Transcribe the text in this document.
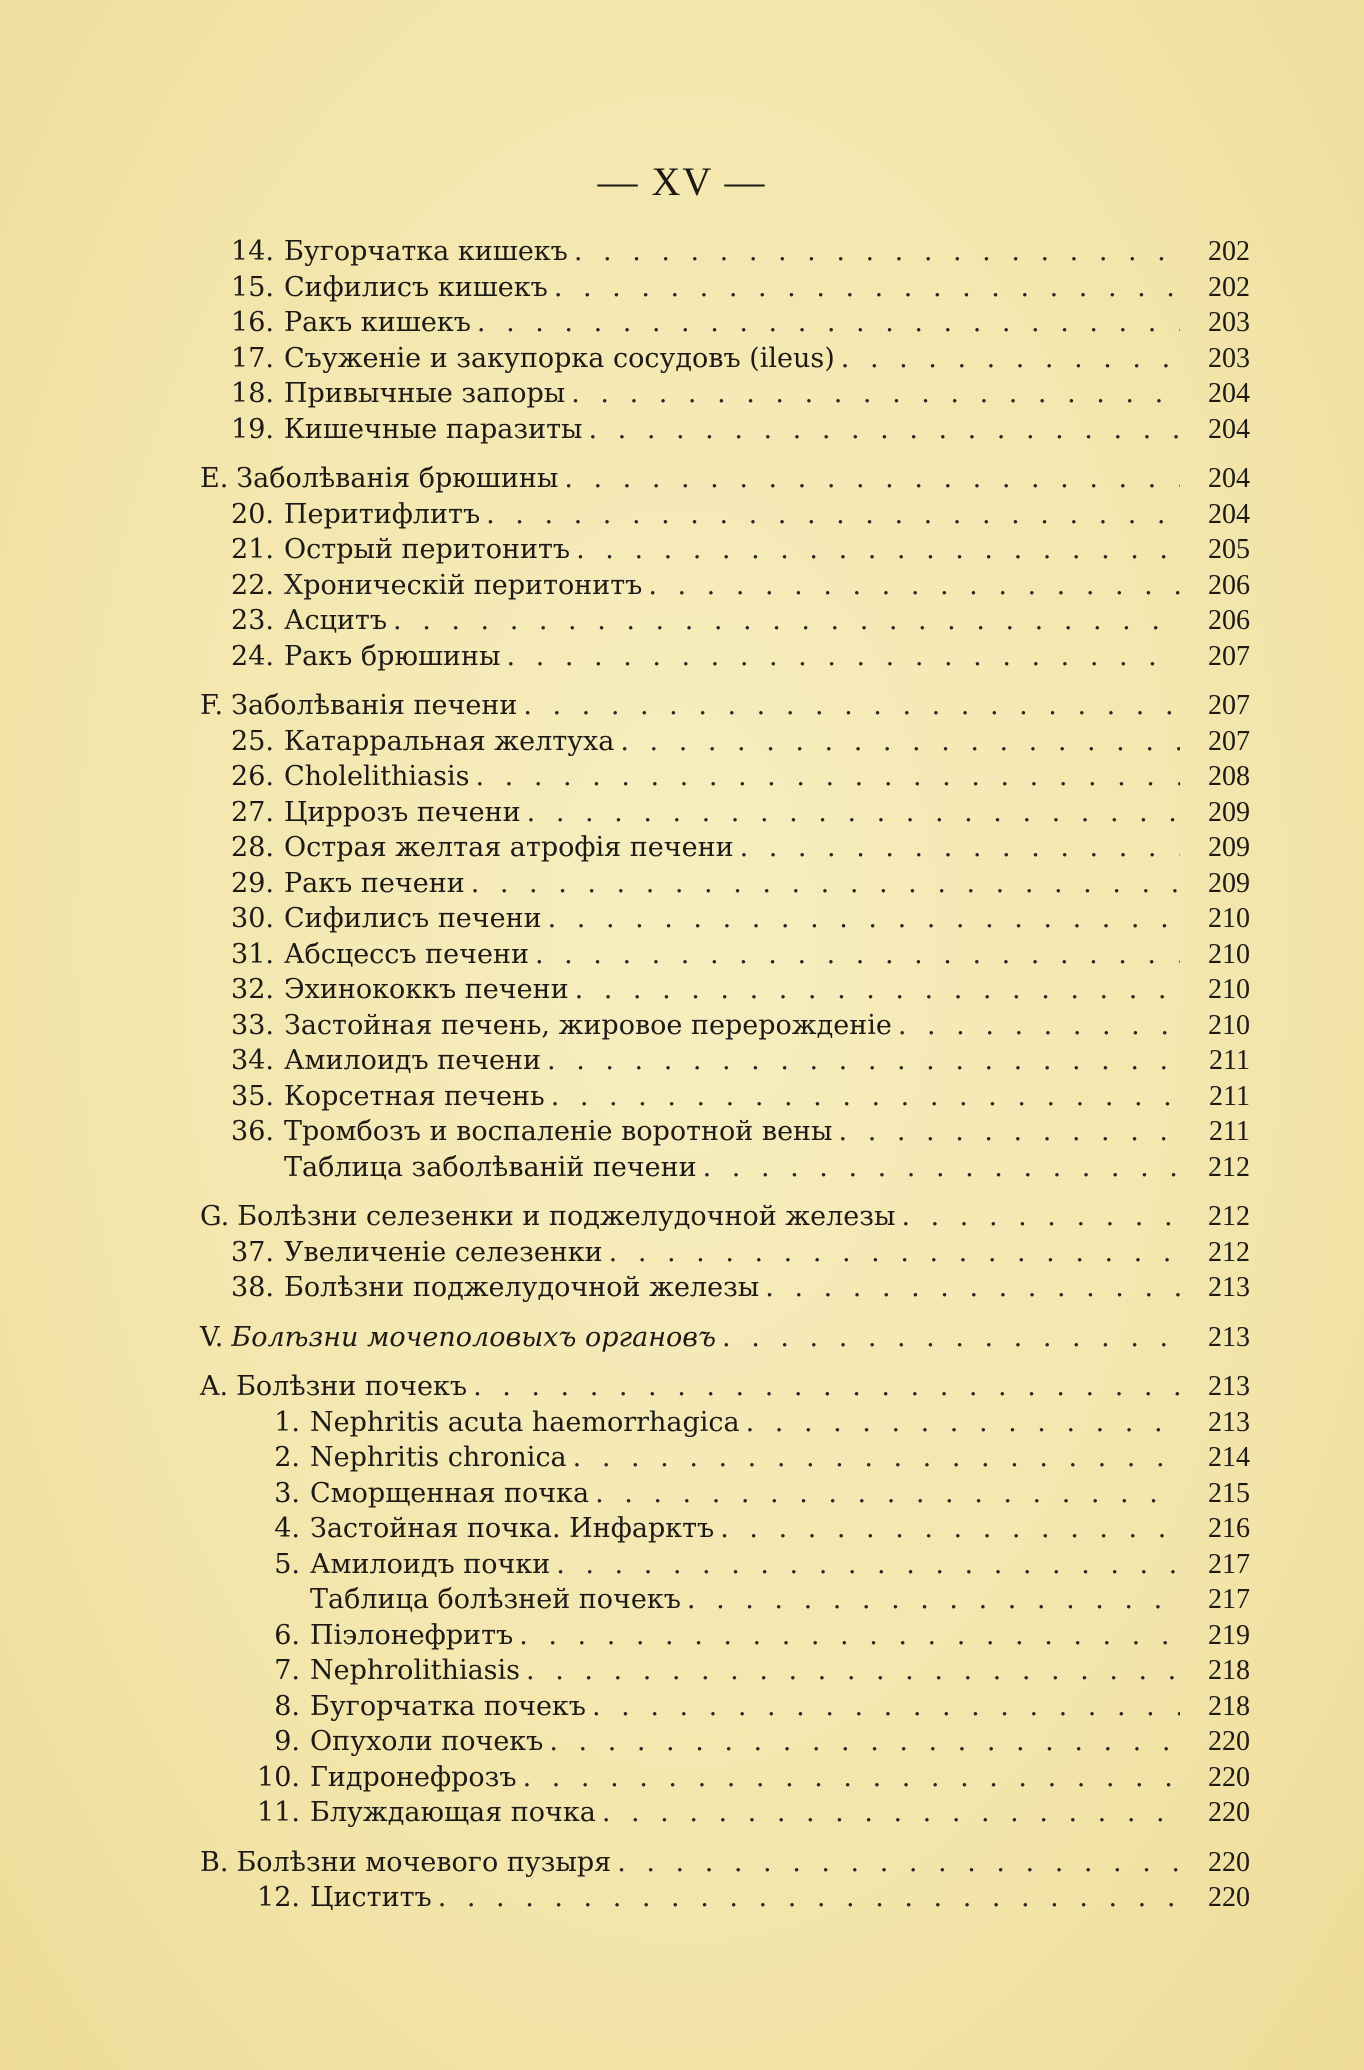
— XV —
14. Бугорчатка кишекъ . . .	202
15. Сифилисъ кишекъ . . .	202
16. Ракъ кишекъ . . .	203
17. Съуженіе и закупорка сосудовъ (ileus) . . .	203
18. Привычные запоры . . .	204
19. Кишечные паразиты . . .	204
E. Заболѣванія брюшины . . .	204
20. Перитифлитъ . . .	204
21. Острый перитонитъ . . .	205
22. Хроническій перитонитъ . . .	206
23. Асцитъ . . .	206
24. Ракъ брюшины . . .	207
F. Заболѣванія печени . . .	207
25. Катарральная желтуха . . .	207
26. Cholelithiasis . . .	208
27. Циррозъ печени . . .	209
28. Острая желтая атрофія печени . . .	209
29. Ракъ печени . . .	209
30. Сифилисъ печени . . .	210
31. Абсцессъ печени . . .	210
32. Эхинококкъ печени . . .	210
33. Застойная печень, жировое перерожденіе . . .	210
34. Амилоидъ печени . . .	211
35. Корсетная печень . . .	211
36. Тромбозъ и воспаленіе воротной вены . . .	211
Таблица заболѣваній печени . . .	212
G. Болѣзни селезенки и поджелудочной железы . . .	212
37. Увеличеніе селезенки . . .	212
38. Болѣзни поджелудочной железы . . .	213
V. Болѣзни мочеполовыхъ органовъ . . .	213
A. Болѣзни почекъ . . .	213
1. Nephritis acuta haemorrhagica . . .	213
2. Nephritis chronica . . .	214
3. Сморщенная почка . . .	215
4. Застойная почка. Инфарктъ . . .	216
5. Амилоидъ почки . . .	217
Таблица болѣзней почекъ . . .	217
6. Піэлонефритъ . . .	219
7. Nephrolithiasis . . .	218
8. Бугорчатка почекъ . . .	218
9. Опухоли почекъ . . .	220
10. Гидронефрозъ . . .	220
11. Блуждающая почка . . .	220
B. Болѣзни мочевого пузыря . . .	220
12. Циститъ . . .	220
